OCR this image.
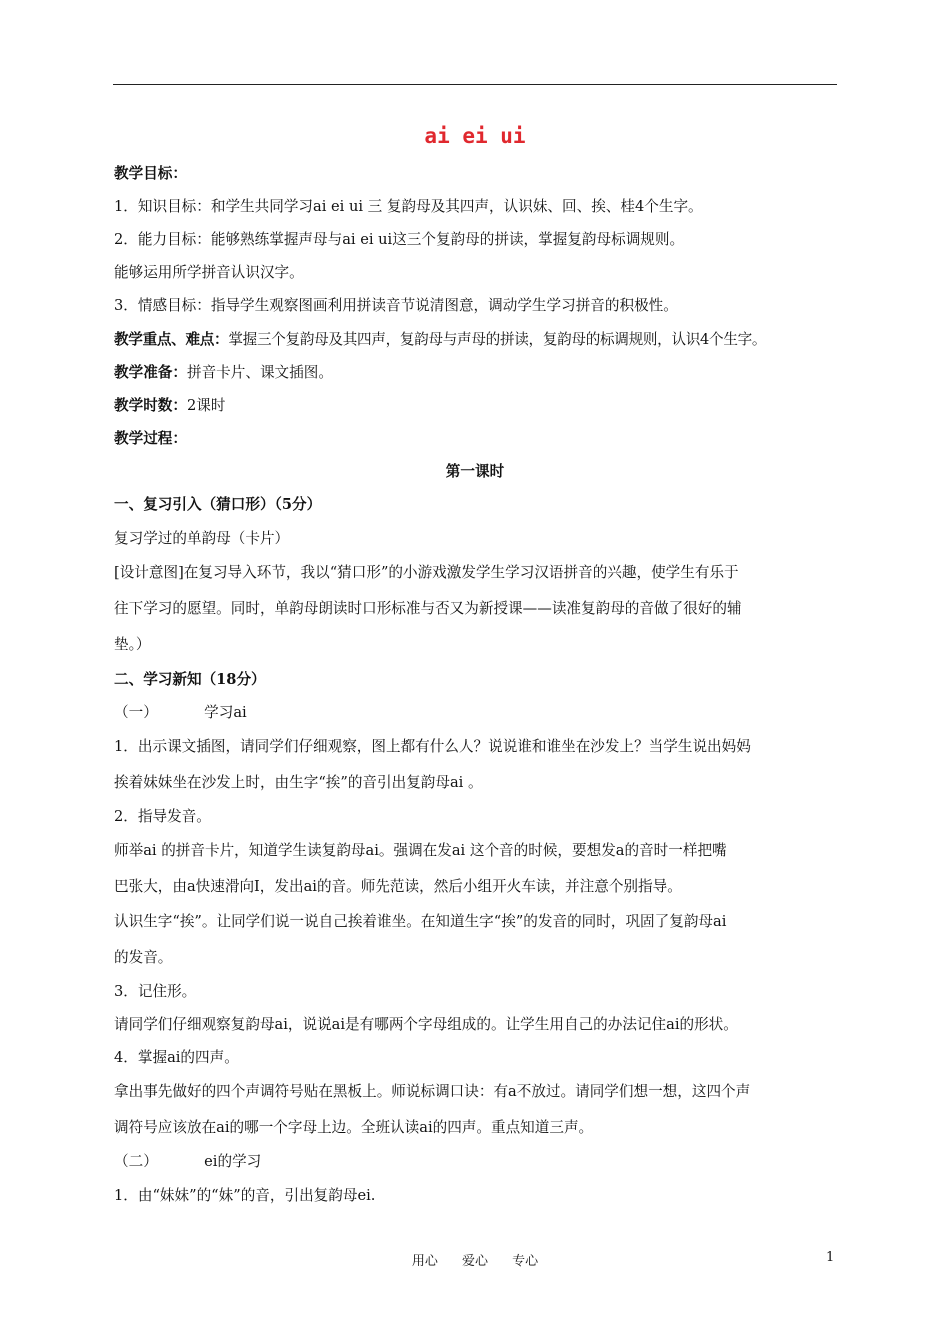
ai ei ui
教学目标：
1．知识目标：和学生共同学习ai ei ui 三 复韵母及其四声，认识妹、回、挨、桂4个生字。
2．能力目标：能够熟练掌握声母与ai ei ui这三个复韵母的拼读，掌握复韵母标调规则。
能够运用所学拼音认识汉字。
3．情感目标：指导学生观察图画利用拼读音节说清图意，调动学生学习拼音的积极性。
教学重点、难点：掌握三个复韵母及其四声，复韵母与声母的拼读，复韵母的标调规则，认识4个生字。
教学准备：拼音卡片、课文插图。
教学时数：2课时
教学过程：
第一课时
一、复习引入（猜口形）（5分）
复习学过的单韵母（卡片）
[设计意图]在复习导入环节，我以“猜口形”的小游戏激发学生学习汉语拼音的兴趣，使学生有乐于
往下学习的愿望。同时，单韵母朗读时口形标准与否又为新授课——读准复韵母的音做了很好的辅
垫。）
二、学习新知（18分）
（一）          学习ai
1．出示课文插图，请同学们仔细观察，图上都有什么人？说说谁和谁坐在沙发上？当学生说出妈妈
挨着妹妹坐在沙发上时，由生字“挨”的音引出复韵母ai 。
2．指导发音。
师举ai 的拼音卡片，知道学生读复韵母ai。强调在发ai 这个音的时候，要想发a的音时一样把嘴
巴张大，由a快速滑向I，发出ai的音。师先范读，然后小组开火车读，并注意个别指导。
认识生字“挨”。让同学们说一说自己挨着谁坐。在知道生字“挨”的发音的同时，巩固了复韵母ai
的发音。
3．记住形。
请同学们仔细观察复韵母ai，说说ai是有哪两个字母组成的。让学生用自己的办法记住ai的形状。
4．掌握ai的四声。
拿出事先做好的四个声调符号贴在黑板上。师说标调口诀：有a不放过。请同学们想一想，这四个声
调符号应该放在ai的哪一个字母上边。全班认读ai的四声。重点知道三声。
（二）          ei的学习
1．由“妹妹”的“妹”的音，引出复韵母ei.
用心 爱心 专心	1
